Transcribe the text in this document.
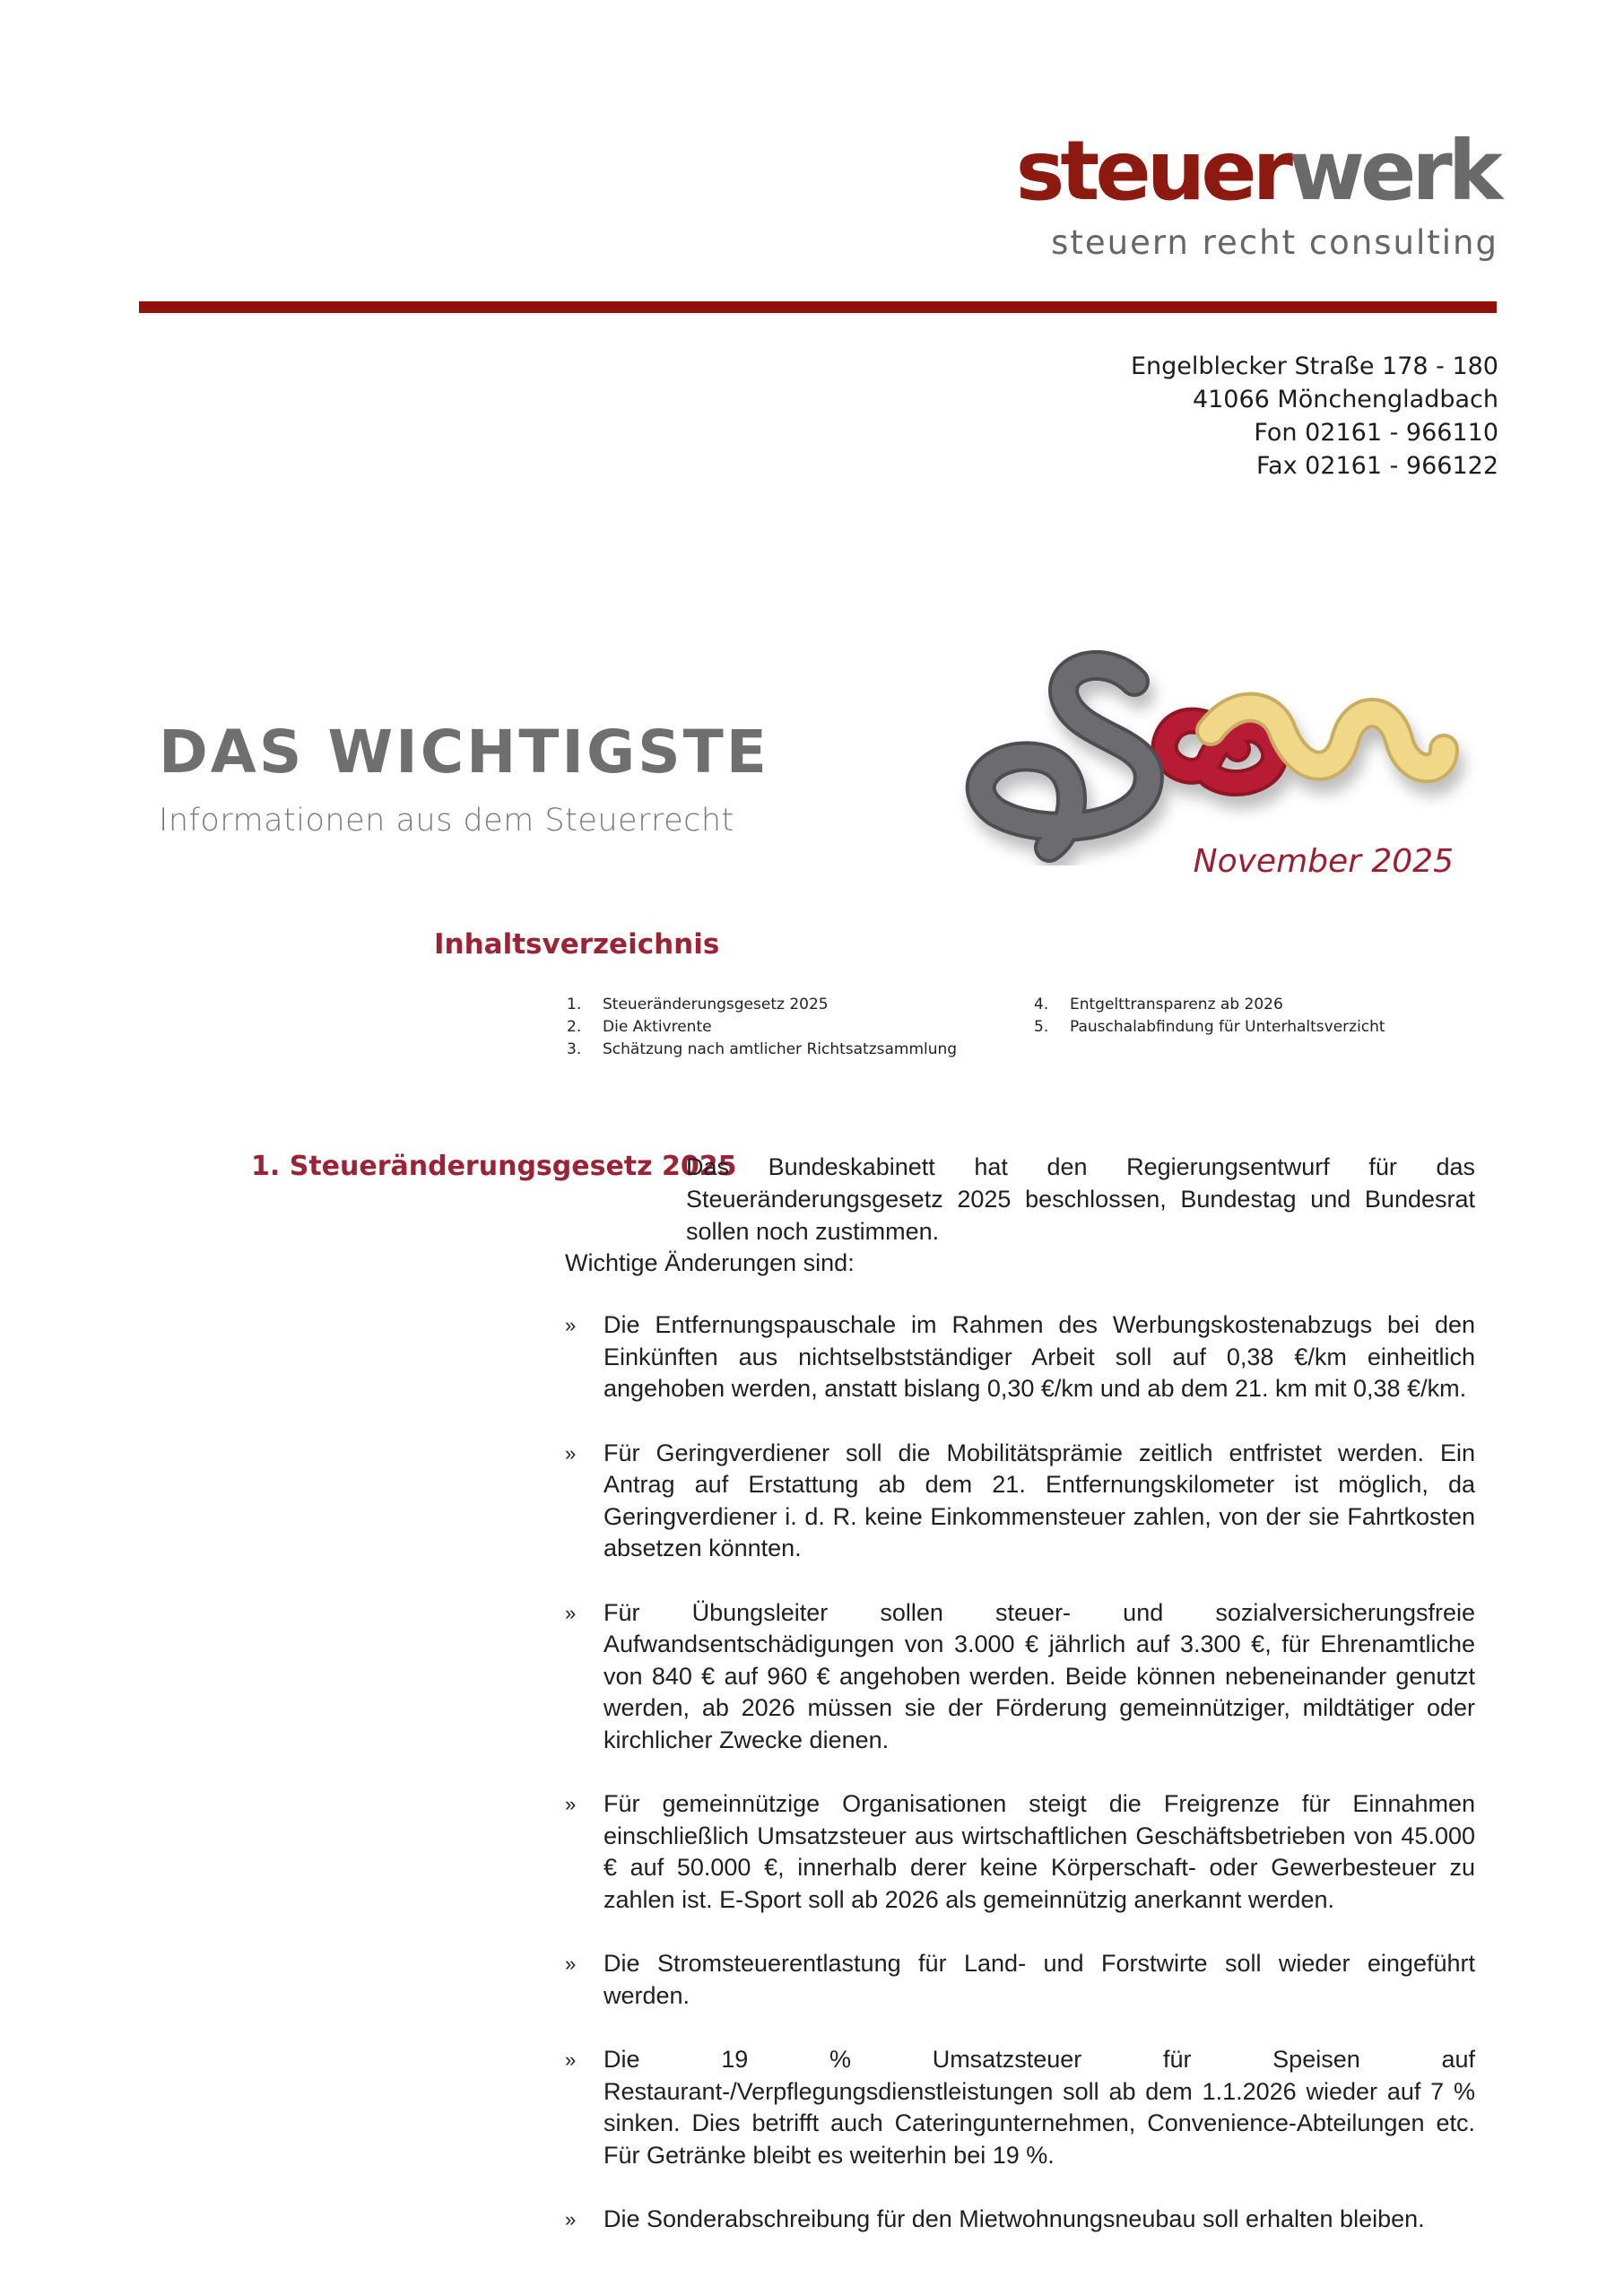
steuerwerk
steuern recht consulting
Engelblecker Straße 178 - 180
41066 Mönchengladbach
Fon 02161 - 966110
Fax 02161 - 966122
DAS WICHTIGSTE
Informationen aus dem Steuerrecht
November 2025
Inhaltsverzeichnis
1.	Steueränderungsgesetz 2025
2.	Die Aktivrente
3.	Schätzung nach amtlicher Richtsatzsammlung
4.	Entgelttransparenz ab 2026
5.	Pauschalabfindung für Unterhaltsverzicht
1. Steueränderungsgesetz 2025
Das Bundeskabinett hat den Regierungsentwurf für das Steueränderungsgesetz 2025 beschlossen, Bundestag und Bundesrat sollen noch zustimmen.
Wichtige Änderungen sind:
»	Die Entfernungspauschale im Rahmen des Werbungskostenabzugs bei den Einkünften aus nichtselbstständiger Arbeit soll auf 0,38 €/km einheitlich angehoben werden, anstatt bislang 0,30 €/km und ab dem 21. km mit 0,38 €/km.
»	Für Geringverdiener soll die Mobilitätsprämie zeitlich entfristet werden. Ein Antrag auf Erstattung ab dem 21. Entfernungskilometer ist möglich, da Geringverdiener i. d. R. keine Einkommensteuer zahlen, von der sie Fahrtkosten absetzen könnten.
»	Für Übungsleiter sollen steuer- und sozialversicherungsfreie Aufwandsentschädigungen von 3.000 € jährlich auf 3.300 €, für Ehrenamtliche von 840 € auf 960 € angehoben werden. Beide können nebeneinander genutzt werden, ab 2026 müssen sie der Förderung gemeinnütziger, mildtätiger oder kirchlicher Zwecke dienen.
»	Für gemeinnützige Organisationen steigt die Freigrenze für Einnahmen einschließlich Umsatzsteuer aus wirtschaftlichen Geschäftsbetrieben von 45.000 € auf 50.000 €, innerhalb derer keine Körperschaft- oder Gewerbesteuer zu zahlen ist. E-Sport soll ab 2026 als gemeinnützig anerkannt werden.
»	Die Stromsteuerentlastung für Land- und Forstwirte soll wieder eingeführt werden.
»	Die 19 % Umsatzsteuer für Speisen auf Restaurant-/Verpflegungsdienstleistungen soll ab dem 1.1.2026 wieder auf 7 % sinken. Dies betrifft auch Cateringunternehmen, Convenience-Abteilungen etc. Für Getränke bleibt es weiterhin bei 19 %.
»	Die Sonderabschreibung für den Mietwohnungsneubau soll erhalten bleiben.
